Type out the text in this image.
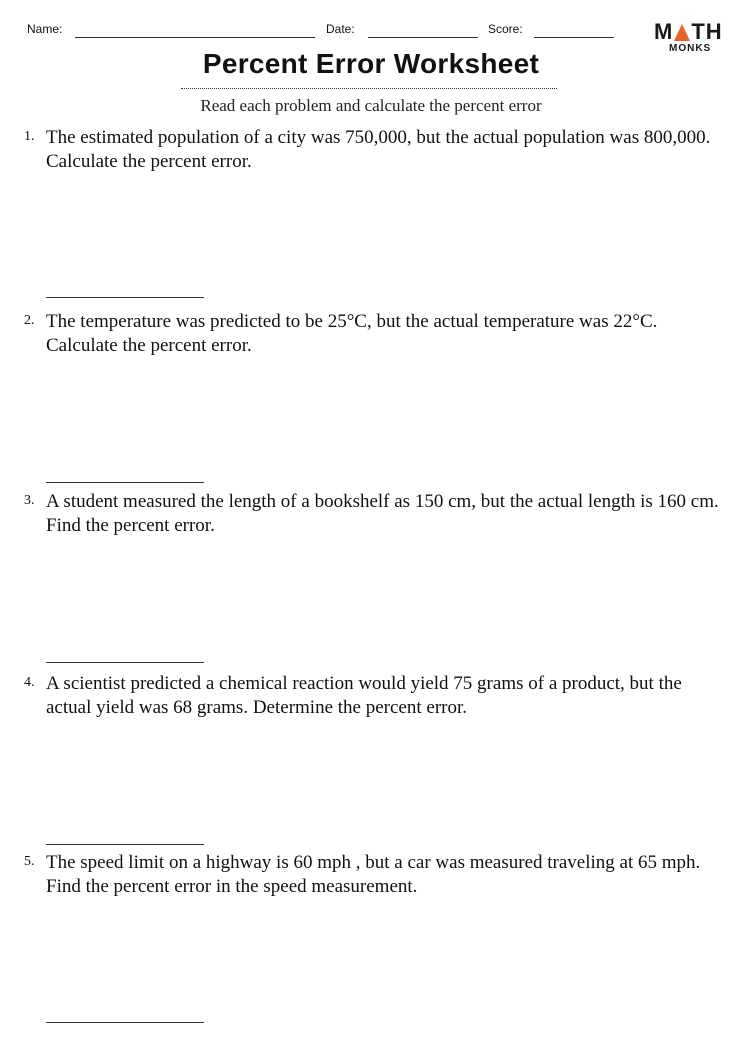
Name:	Date:	Score:	M TH
MONKS
Percent Error Worksheet
Read each problem and calculate the percent error
1. The estimated population of a city was 750,000, but the actual population was 800,000. Calculate the percent error.
2. The temperature was predicted to be 25°C, but the actual temperature was 22°C. Calculate the percent error.
3. A student measured the length of a bookshelf as 150 cm, but the actual length is 160 cm. Find the percent error.
4. A scientist predicted a chemical reaction would yield 75 grams of a product, but the actual yield was 68 grams. Determine the percent error.
5. The speed limit on a highway is 60 mph , but a car was measured traveling at 65 mph. Find the percent error in the speed measurement.
